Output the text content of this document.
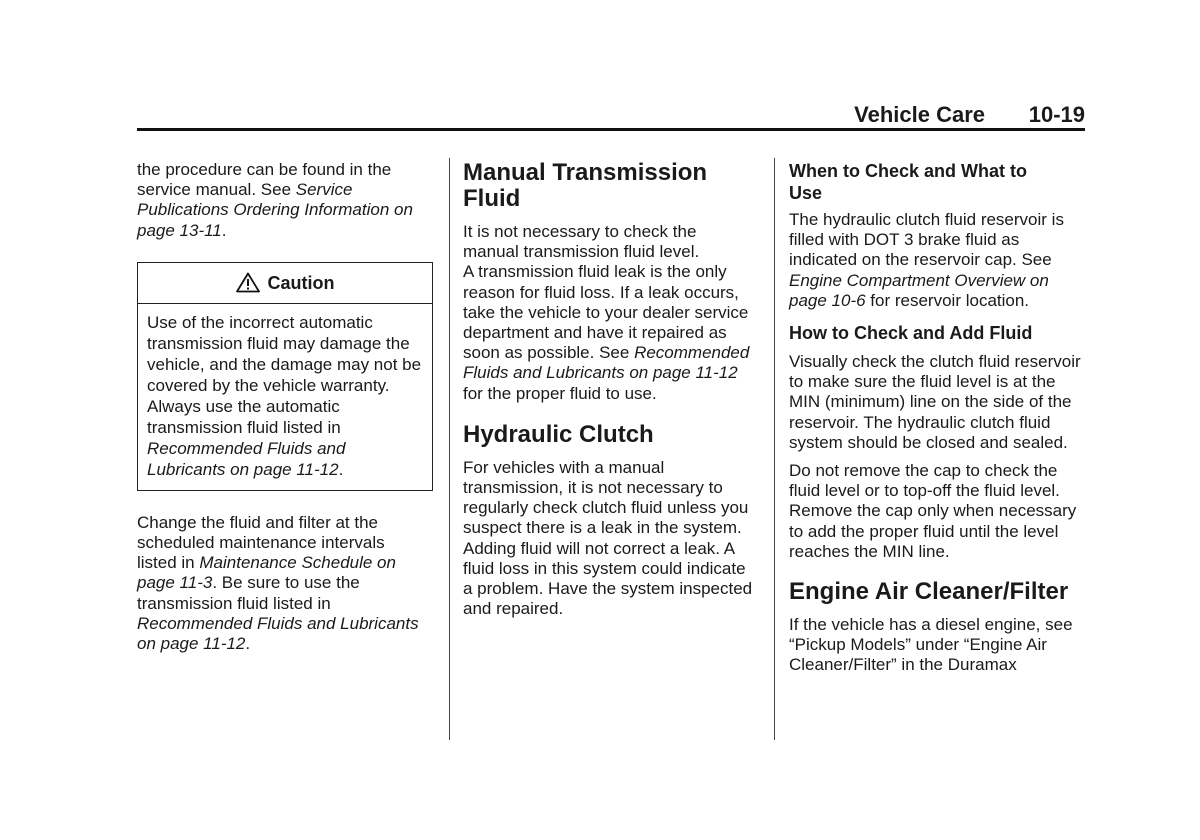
Vehicle Care 10-19

the procedure can be found in the service manual. See Service Publications Ordering Information on page 13-11.

Caution
Use of the incorrect automatic transmission fluid may damage the vehicle, and the damage may not be covered by the vehicle warranty. Always use the automatic transmission fluid listed in Recommended Fluids and Lubricants on page 11-12.

Change the fluid and filter at the scheduled maintenance intervals listed in Maintenance Schedule on page 11-3. Be sure to use the transmission fluid listed in Recommended Fluids and Lubricants on page 11-12.

Manual Transmission Fluid

It is not necessary to check the manual transmission fluid level.

A transmission fluid leak is the only reason for fluid loss. If a leak occurs, take the vehicle to your dealer service department and have it repaired as soon as possible. See Recommended Fluids and Lubricants on page 11-12 for the proper fluid to use.

Hydraulic Clutch

For vehicles with a manual transmission, it is not necessary to regularly check clutch fluid unless you suspect there is a leak in the system. Adding fluid will not correct a leak. A fluid loss in this system could indicate a problem. Have the system inspected and repaired.

When to Check and What to Use

The hydraulic clutch fluid reservoir is filled with DOT 3 brake fluid as indicated on the reservoir cap. See Engine Compartment Overview on page 10-6 for reservoir location.

How to Check and Add Fluid

Visually check the clutch fluid reservoir to make sure the fluid level is at the MIN (minimum) line on the side of the reservoir. The hydraulic clutch fluid system should be closed and sealed.

Do not remove the cap to check the fluid level or to top-off the fluid level. Remove the cap only when necessary to add the proper fluid until the level reaches the MIN line.

Engine Air Cleaner/Filter

If the vehicle has a diesel engine, see “Pickup Models” under “Engine Air Cleaner/Filter” in the Duramax
